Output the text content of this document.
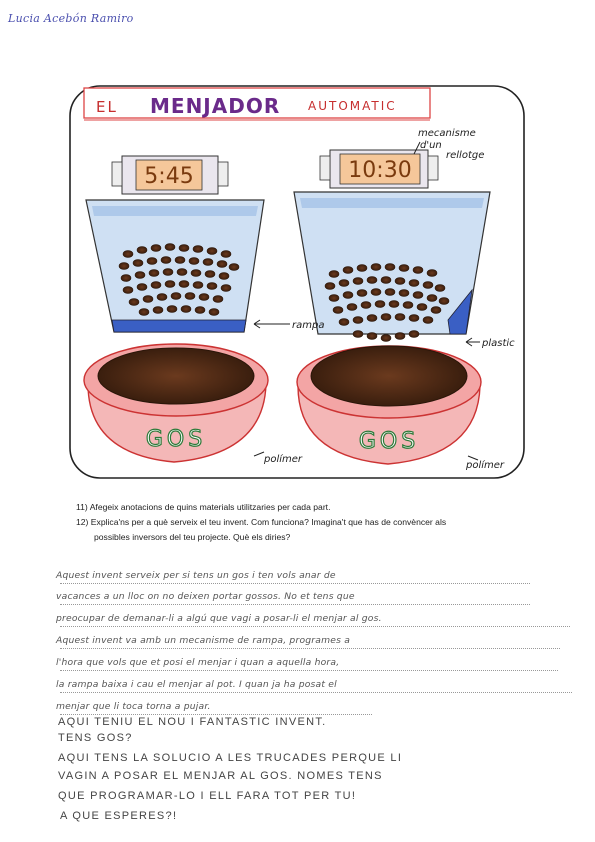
Lucia Acebón Ramiro
EL MENJADOR AUTOMATIC
5:45	10:30
mecanisme
d'un
rellotge
rampa
plastic
GOS	GOS
polímer
polímer

11) Afegeix anotacions de quins materials utilitzaries per cada part.

12) Explica'ns per a què serveix el teu invent. Com funciona? Imagina't que has de convèncer als

possibles inversors del teu projecte. Què els diries?

Aquest invent serveix per si tens un gos i ten vols anar de
vacances a un lloc on no deixen portar gossos. No et tens que
preocupar de demanar-li a algú que vagi a posar-li el menjar al gos.
Aquest invent va amb un mecanisme de rampa, programes a
l'hora que vols que et posi el menjar i quan a aquella hora,
la rampa baixa i cau el menjar al pot. I quan ja ha posat el
menjar que li toca torna a pujar.
AQUI TENIU EL NOU I FANTASTIC INVENT.
TENS GOS?
AQUI TENS LA SOLUCIO A LES TRUCADES PERQUE LI
VAGIN A POSAR EL MENJAR AL GOS. NOMES TENS
QUE PROGRAMAR-LO I ELL FARA TOT PER TU!
A QUE ESPERES?!
